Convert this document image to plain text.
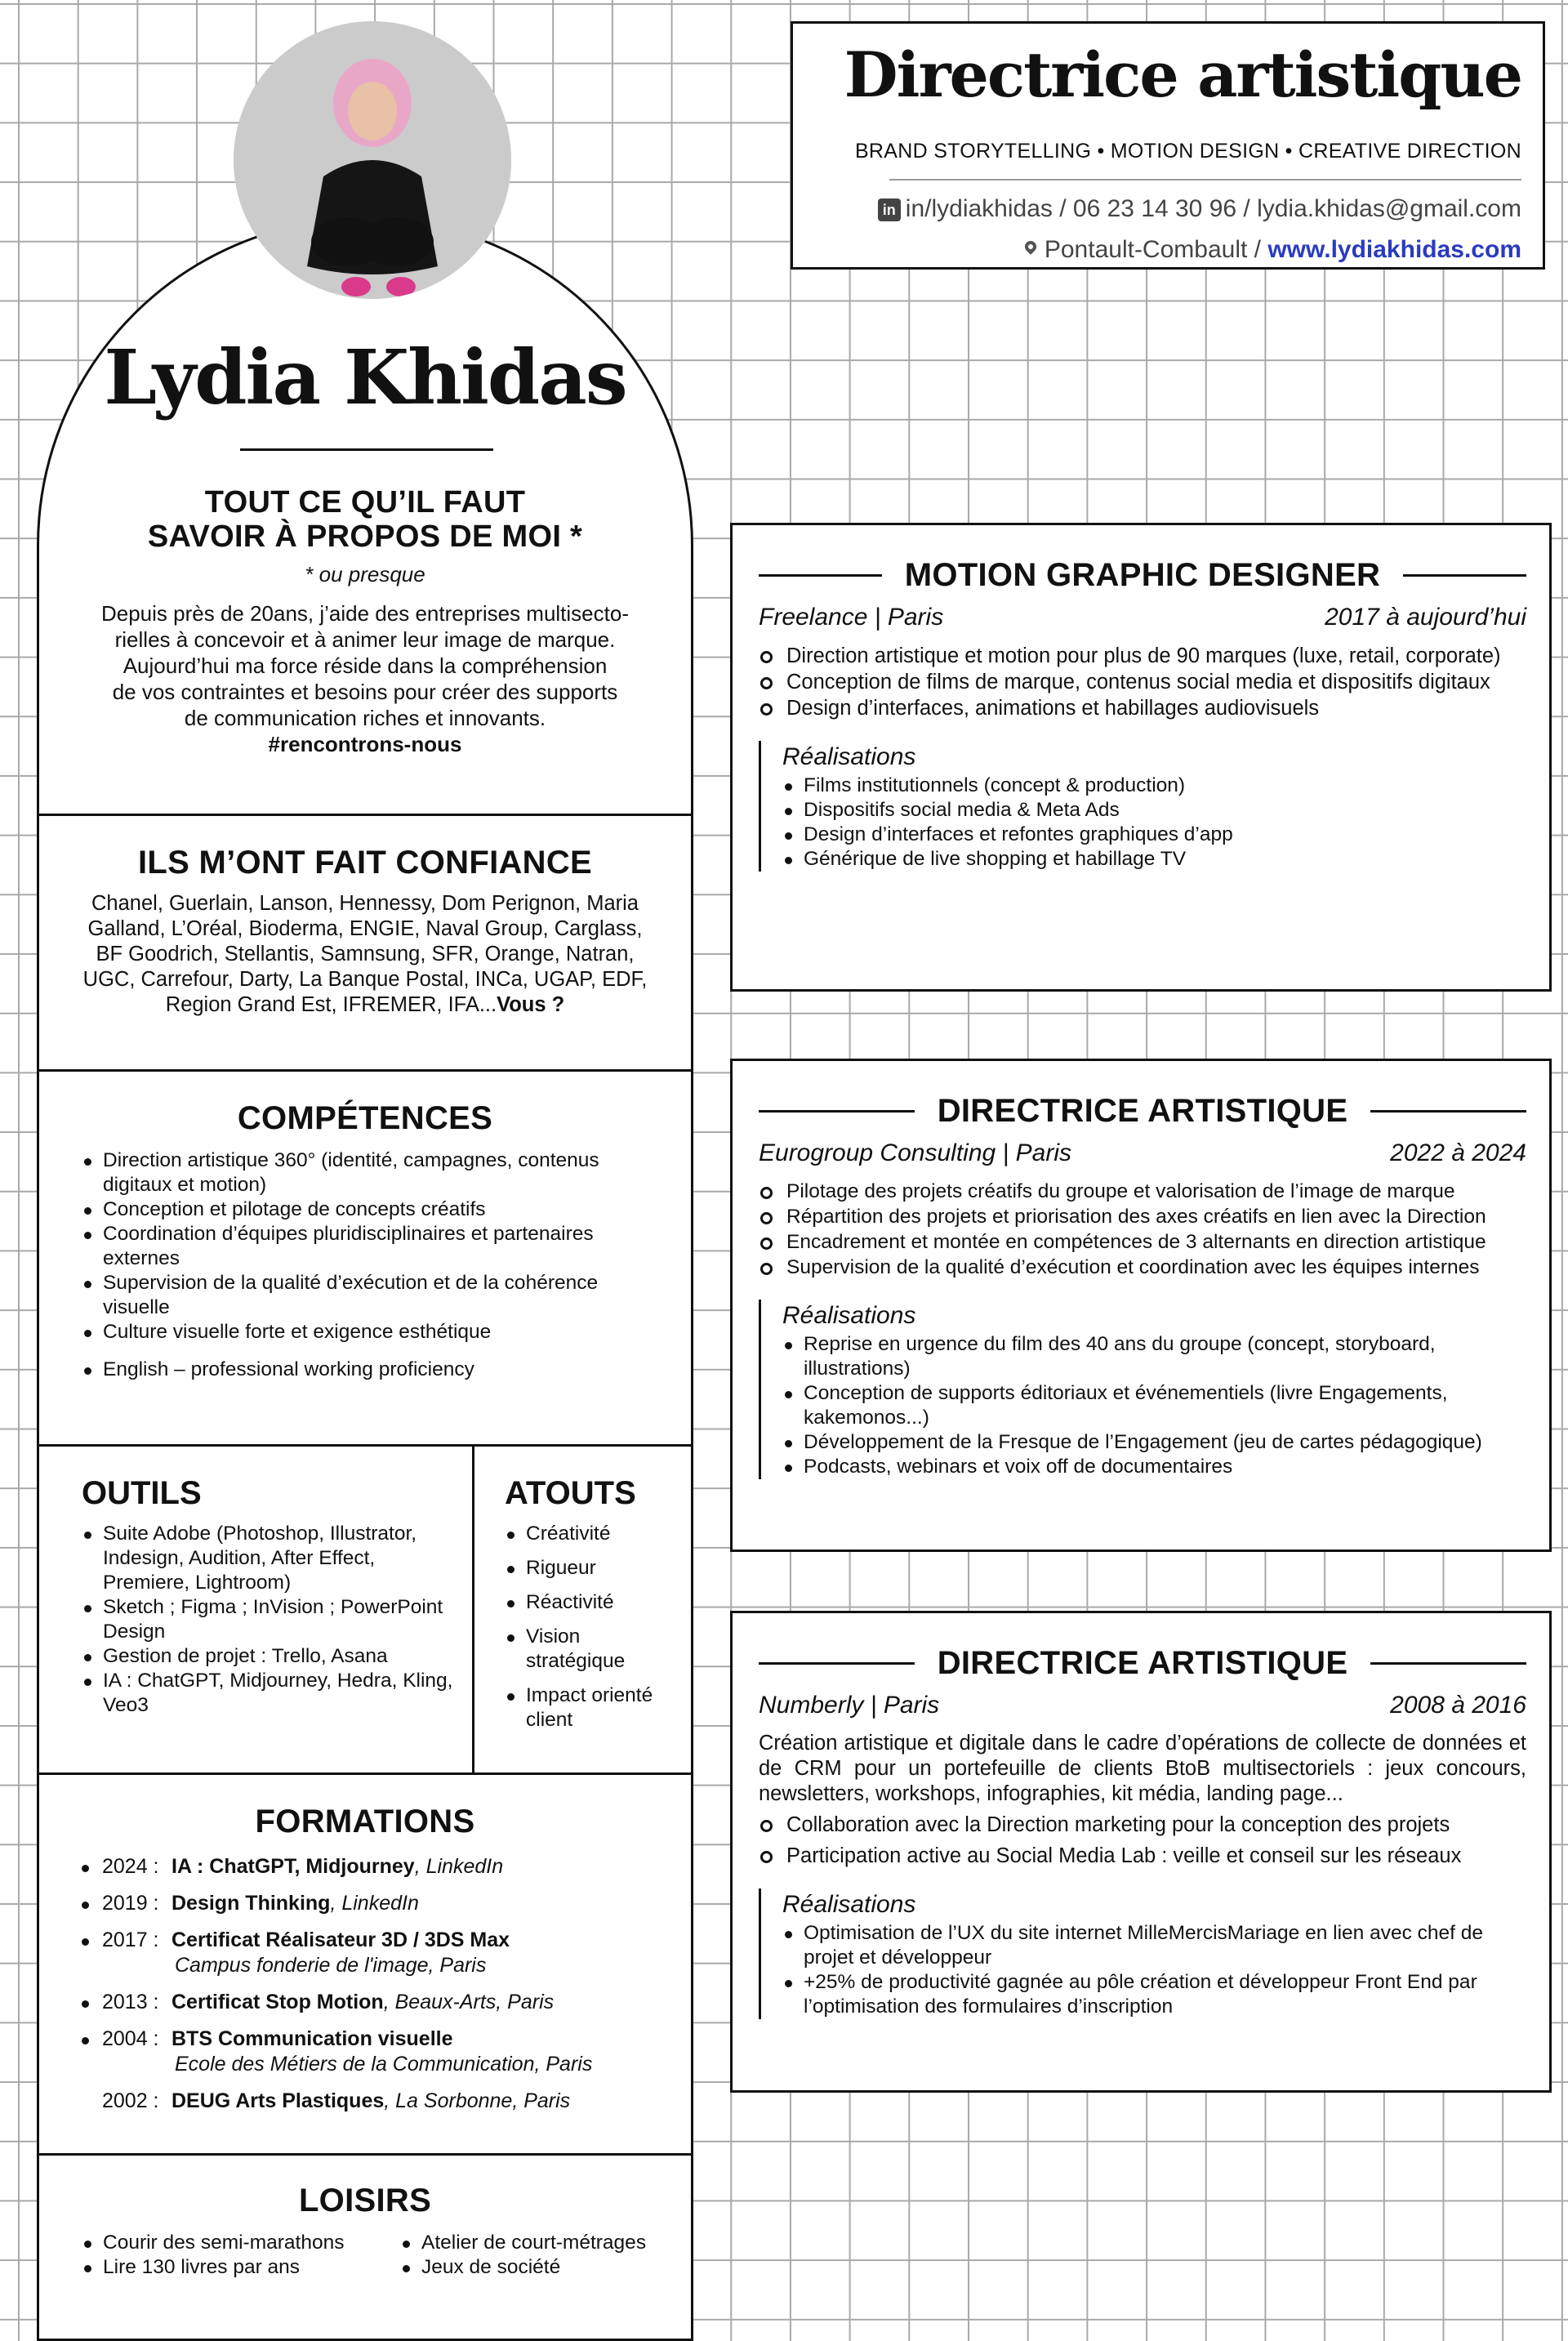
Directrice artistique
BRAND STORYTELLING • MOTION DESIGN • CREATIVE DIRECTION
in in/lydiakhidas / 06 23 14 30 96 / lydia.khidas@gmail.com
Pontault-Combault / www.lydiakhidas.com
Lydia Khidas
TOUT CE QU’IL FAUT
SAVOIR À PROPOS DE MOI *
* ou presque
Depuis près de 20ans, j’aide des entreprises multisecto-
rielles à concevoir et à animer leur image de marque.
Aujourd’hui ma force réside dans la compréhension
de vos contraintes et besoins pour créer des supports
de communication riches et innovants.
#rencontrons-nous
ILS M’ONT FAIT CONFIANCE
Chanel, Guerlain, Lanson, Hennessy, Dom Perignon, Maria
Galland, L’Oréal, Bioderma, ENGIE, Naval Group, Carglass,
BF Goodrich, Stellantis, Samnsung, SFR, Orange, Natran,
UGC, Carrefour, Darty, La Banque Postal, INCa, UGAP, EDF,
Region Grand Est, IFREMER, IFA...Vous ?
COMPÉTENCES
Direction artistique 360° (identité, campagnes, contenus digitaux et motion)
Conception et pilotage de concepts créatifs
Coordination d’équipes pluridisciplinaires et partenaires externes
Supervision de la qualité d’exécution et de la cohérence visuelle
Culture visuelle forte et exigence esthétique
English – professional working proficiency
OUTILS
Suite Adobe (Photoshop, Illustrator, Indesign, Audition, After Effect, Premiere, Lightroom)
Sketch ; Figma ; InVision ; PowerPoint Design
Gestion de projet : Trello, Asana
IA : ChatGPT, Midjourney, Hedra, Kling, Veo3
ATOUTS
Créativité
Rigueur
Réactivité
Vision stratégique
Impact orienté client
FORMATIONS
2024 : IA : ChatGPT, Midjourney, LinkedIn
2019 : Design Thinking, LinkedIn
2017 : Certificat Réalisateur 3D / 3DS Max
Campus fonderie de l'image, Paris
2013 : Certificat Stop Motion, Beaux-Arts, Paris
2004 : BTS Communication visuelle
Ecole des Métiers de la Communication, Paris
2002 : DEUG Arts Plastiques, La Sorbonne, Paris
LOISIRS
Courir des semi-marathons
Lire 130 livres par ans
Atelier de court-métrages
Jeux de société
MOTION GRAPHIC DESIGNER
Freelance | Paris	2017 à aujourd’hui
Direction artistique et motion pour plus de 90 marques (luxe, retail, corporate)
Conception de films de marque, contenus social media et dispositifs digitaux
Design d’interfaces, animations et habillages audiovisuels
Réalisations
Films institutionnels (concept & production)
Dispositifs social media & Meta Ads
Design d’interfaces et refontes graphiques d’app
Générique de live shopping et habillage TV
DIRECTRICE ARTISTIQUE
Eurogroup Consulting | Paris	2022 à 2024
Pilotage des projets créatifs du groupe et valorisation de l’image de marque
Répartition des projets et priorisation des axes créatifs en lien avec la Direction
Encadrement et montée en compétences de 3 alternants en direction artistique
Supervision de la qualité d’exécution et coordination avec les équipes internes
Réalisations
Reprise en urgence du film des 40 ans du groupe (concept, storyboard, illustrations)
Conception de supports éditoriaux et événementiels (livre Engagements, kakemonos...)
Développement de la Fresque de l’Engagement (jeu de cartes pédagogique)
Podcasts, webinars et voix off de documentaires
DIRECTRICE ARTISTIQUE
Numberly | Paris	2008 à 2016
Création artistique et digitale dans le cadre d’opérations de collecte de données et de CRM pour un portefeuille de clients BtoB multisectoriels : jeux concours, newsletters, workshops, infographies, kit média, landing page...
Collaboration avec la Direction marketing pour la conception des projets
Participation active au Social Media Lab : veille et conseil sur les réseaux
Réalisations
Optimisation de l’UX du site internet MilleMercisMariage en lien avec chef de projet et développeur
+25% de productivité gagnée au pôle création et développeur Front End par l’optimisation des formulaires d’inscription
